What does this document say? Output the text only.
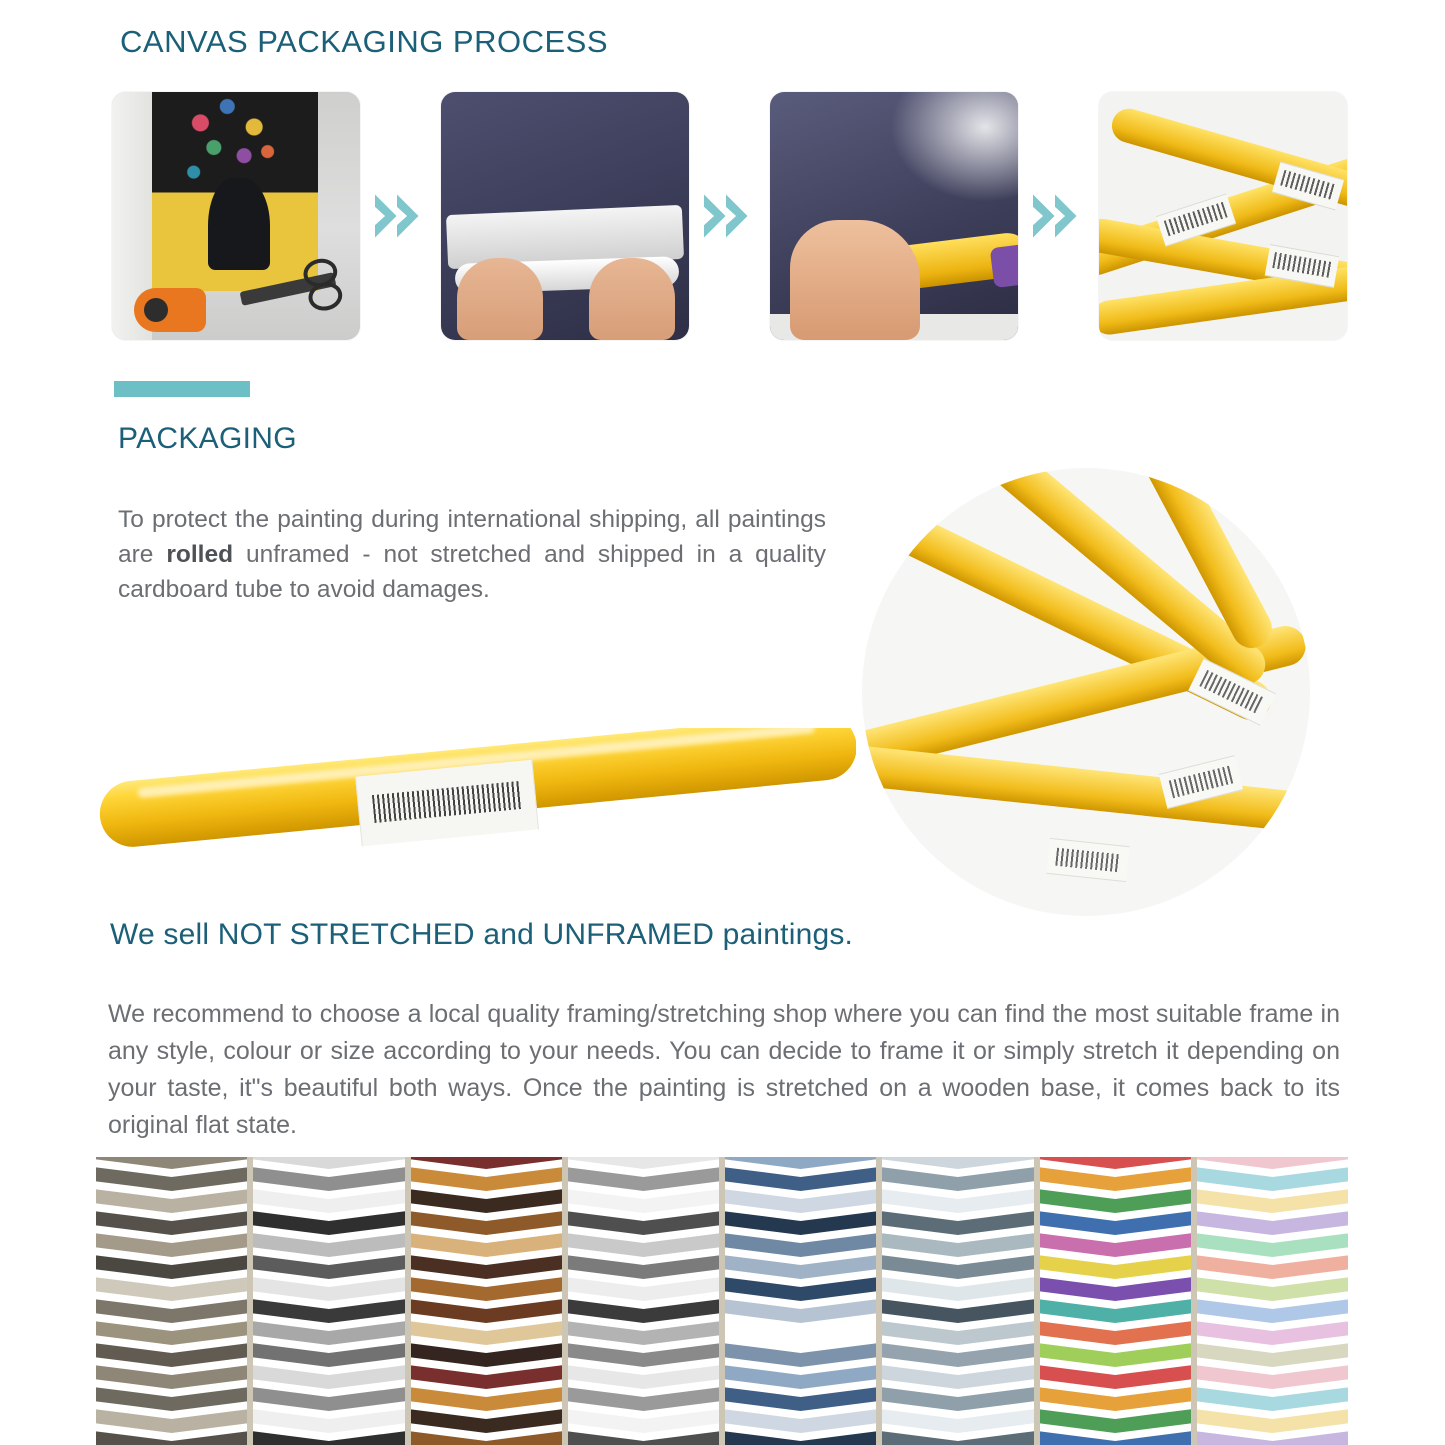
CANVAS PACKAGING PROCESS
PACKAGING
To protect the painting during international shipping, all paintings are rolled unframed - not stretched and shipped in a quality cardboard tube to avoid damages.
We sell NOT STRETCHED and UNFRAMED paintings.
We recommend to choose a local quality framing/stretching shop where you can find the most suitable frame in any style, colour or size according to your needs. You can decide to frame it or simply stretch it depending on your taste, it"s beautiful both ways. Once the painting is stretched on a wooden base, it comes back to its original flat state.
